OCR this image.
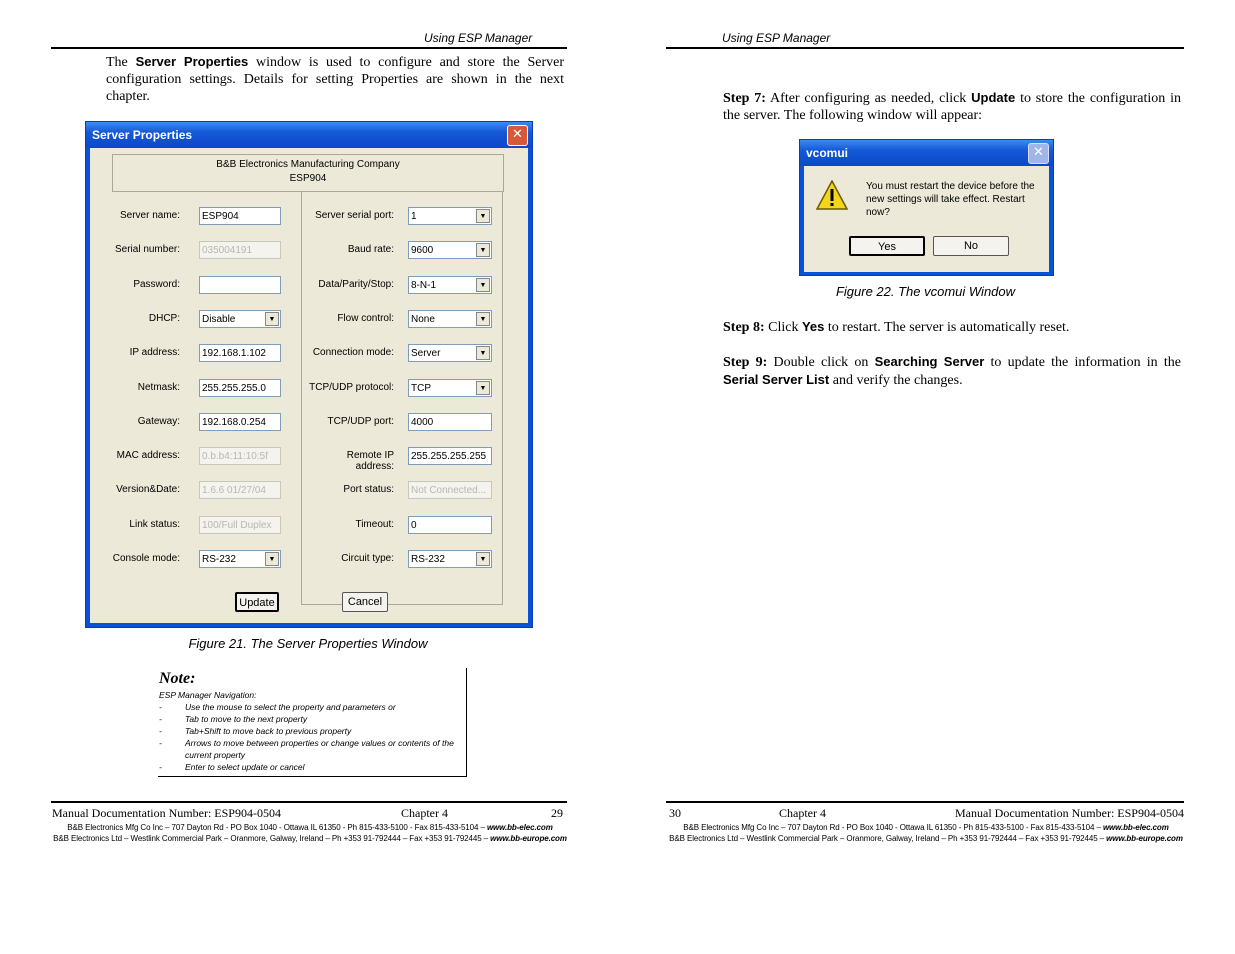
Using ESP Manager
The Server Properties window is used to configure and store the Server configuration settings. Details for setting Properties are shown in the next chapter.
Server Properties	✕
B&B Electronics Manufacturing Company
ESP904
Server name:	ESP904
Serial number:	035004191
Password:
DHCP:	Disable	▼
IP address:	192.168.1.102
Netmask:	255.255.255.0
Gateway:	192.168.0.254
MAC address:	0.b.b4:11:10:5f
Version&Date:	1.6.6 01/27/04
Link status:	100/Full Duplex
Console mode:	RS-232	▼
Server serial port:	1	▼
Baud rate:	9600	▼
Data/Parity/Stop:	8-N-1	▼
Flow control:	None	▼
Connection mode:	Server	▼
TCP/UDP protocol:	TCP	▼
TCP/UDP port:	4000
Remote IP address:
255.255.255.255
Port status:	Not Connected...
Timeout:	0
Circuit type:	RS-232	▼
Update	Cancel
Figure 21. The Server Properties Window
Note:
ESP Manager Navigation:
-	Use the mouse to select the property and parameters or
-	Tab to move to the next property
-	Tab+Shift to move back to previous property
-	Arrows to move between properties or change values or contents of the
current property
-	Enter to select update or cancel
Manual Documentation Number: ESP904-0504	Chapter 4	29
B&B Electronics Mfg Co Inc – 707 Dayton Rd - PO Box 1040 - Ottawa IL 61350 - Ph 815-433-5100 - Fax 815-433-5104 – www.bb-elec.com
B&B Electronics Ltd – Westlink Commercial Park – Oranmore, Galway, Ireland – Ph +353 91-792444 – Fax +353 91-792445 – www.bb-europe.com
Using ESP Manager
Step 7: After configuring as needed, click Update to store the configuration in the server. The following window will appear:
vcomui	✕
You must restart the device before the new settings will take effect. Restart now?
Yes	No
Figure 22. The vcomui Window
Step 8: Click Yes to restart. The server is automatically reset.
Step 9: Double click on Searching Server to update the information in the Serial Server List and verify the changes.
30	Chapter 4	Manual Documentation Number: ESP904-0504
B&B Electronics Mfg Co Inc – 707 Dayton Rd - PO Box 1040 - Ottawa IL 61350 - Ph 815-433-5100 - Fax 815-433-5104 – www.bb-elec.com
B&B Electronics Ltd – Westlink Commercial Park – Oranmore, Galway, Ireland – Ph +353 91-792444 – Fax +353 91-792445 – www.bb-europe.com
